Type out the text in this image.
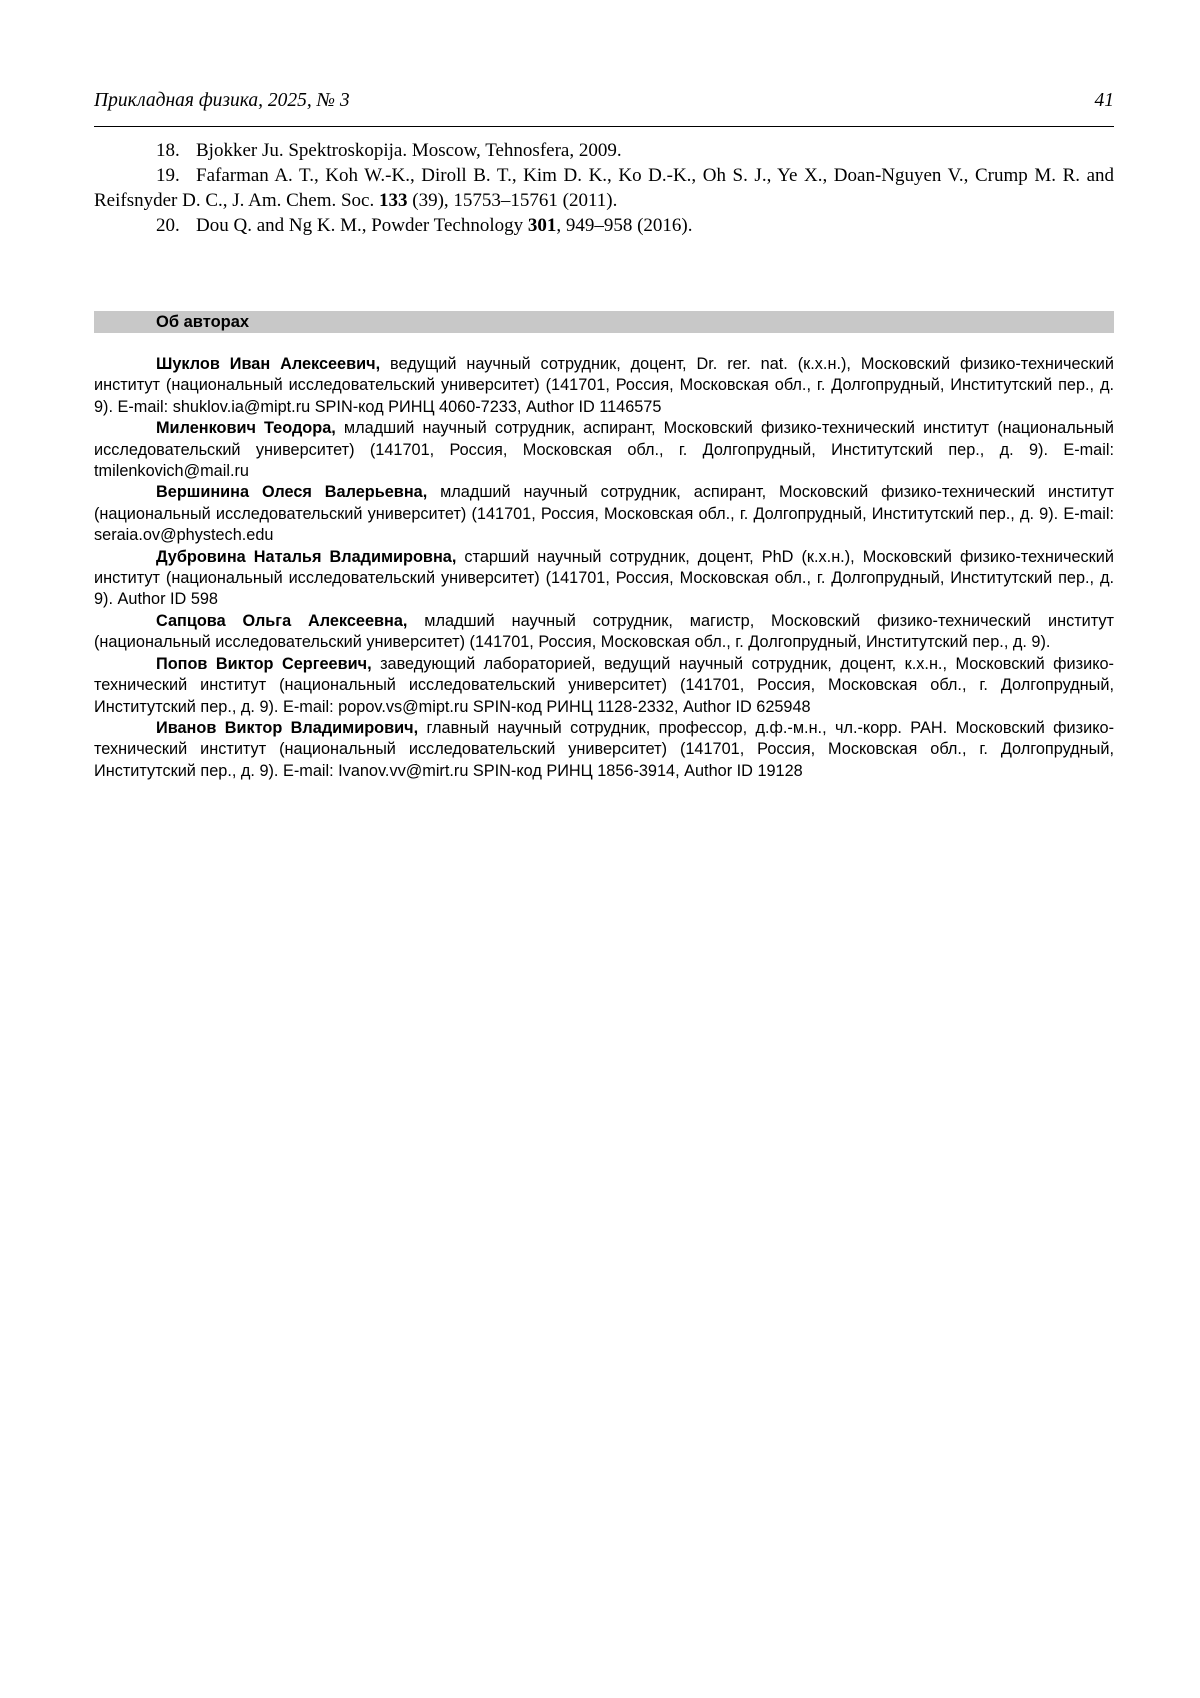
Прикладная физика, 2025, № 3	41

18. Bjokker Ju. Spektroskopija. Moscow, Tehnosfera, 2009.

19. Fafarman A. T., Koh W.-K., Diroll B. T., Kim D. K., Ko D.-K., Oh S. J., Ye X., Doan-Nguyen V., Crump M. R. and Reifsnyder D. C., J. Am. Chem. Soc. 133 (39), 15753–15761 (2011).

20. Dou Q. and Ng K. M., Powder Technology 301, 949–958 (2016).

Об авторах

Шуклов Иван Алексеевич, ведущий научный сотрудник, доцент, Dr. rer. nat. (к.х.н.), Московский физико-технический институт (национальный исследовательский университет) (141701, Россия, Московская обл., г. Долгопрудный, Институтский пер., д. 9). E-mail: shuklov.ia@mipt.ru SPIN-код РИНЦ 4060-7233, Author ID 1146575

Миленкович Теодора, младший научный сотрудник, аспирант, Московский физико-технический институт (национальный исследовательский университет) (141701, Россия, Московская обл., г. Долгопрудный, Институтский пер., д. 9). E-mail: tmilenkovich@mail.ru

Вершинина Олеся Валерьевна, младший научный сотрудник, аспирант, Московский физико-технический институт (национальный исследовательский университет) (141701, Россия, Московская обл., г. Долгопрудный, Институтский пер., д. 9). E-mail: seraia.ov@phystech.edu

Дубровина Наталья Владимировна, старший научный сотрудник, доцент, PhD (к.х.н.), Московский физико-технический институт (национальный исследовательский университет) (141701, Россия, Московская обл., г. Долгопрудный, Институтский пер., д. 9). Author ID 598

Сапцова Ольга Алексеевна, младший научный сотрудник, магистр, Московский физико-технический институт (национальный исследовательский университет) (141701, Россия, Московская обл., г. Долгопрудный, Институтский пер., д. 9).

Попов Виктор Сергеевич, заведующий лабораторией, ведущий научный сотрудник, доцент, к.х.н., Московский физико-технический институт (национальный исследовательский университет) (141701, Россия, Московская обл., г. Долгопрудный, Институтский пер., д. 9). E-mail: popov.vs@mipt.ru SPIN-код РИНЦ 1128-2332, Author ID 625948

Иванов Виктор Владимирович, главный научный сотрудник, профессор, д.ф.-м.н., чл.-корр. РАН. Московский физико-технический институт (национальный исследовательский университет) (141701, Россия, Московская обл., г. Долгопрудный, Институтский пер., д. 9). E-mail: Ivanov.vv@mirt.ru SPIN-код РИНЦ 1856-3914, Author ID 19128
